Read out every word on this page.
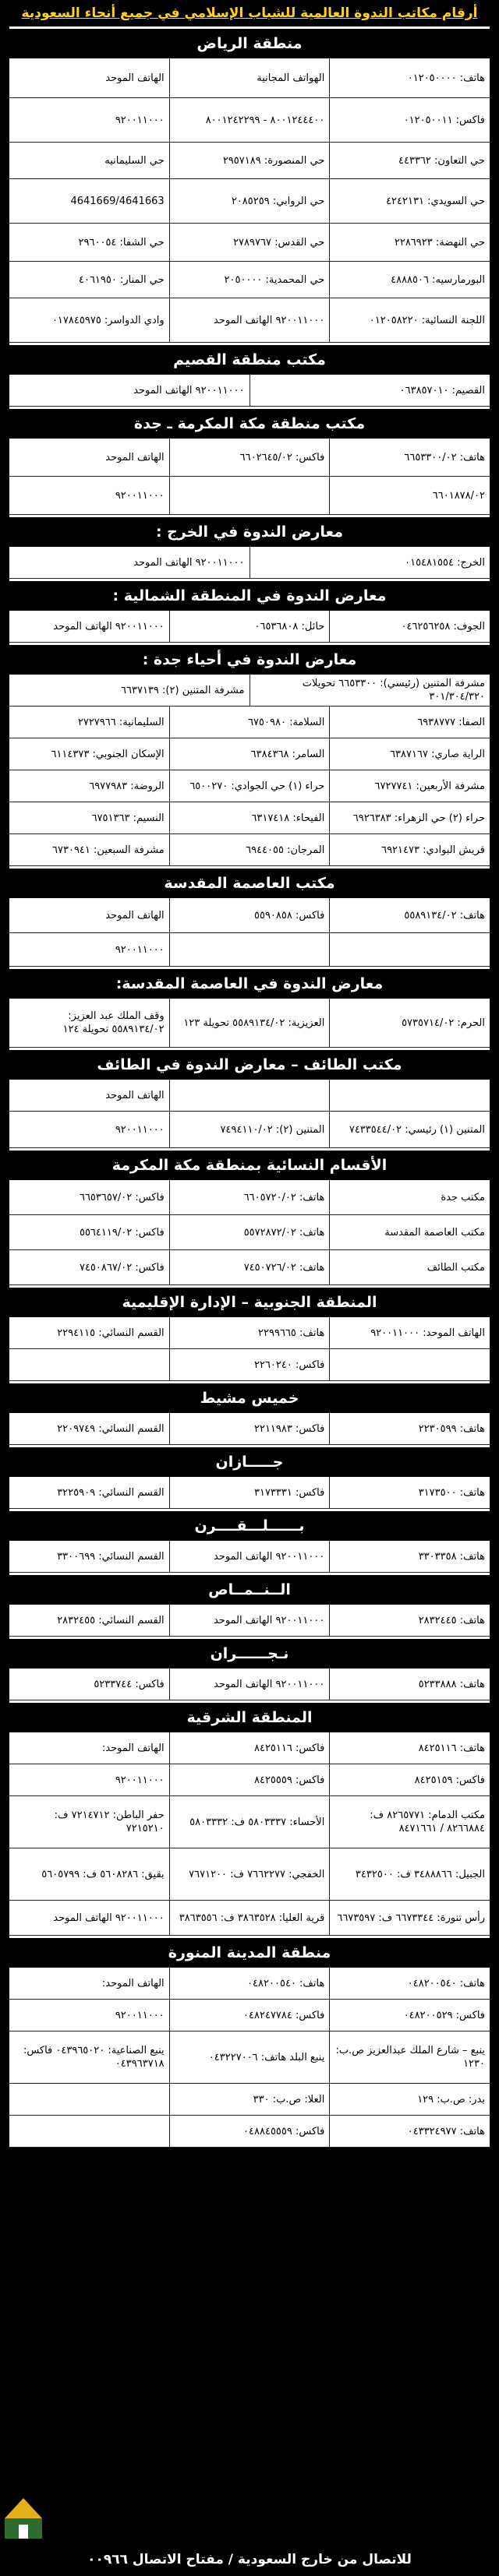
أرقام مكاتب الندوة العالمية للشباب الإسلامي في جميع أنحاء السعودية
منطقة الرياض
هاتف: ٠١٢٠٥٠٠٠٠
الهواتف المجانية
الهاتف الموحد
فاكس: ٠١٢٠٥٠٠١١
٨٠٠١٢٤٤٤٠٠ - ٨٠٠١٢٤٢٢٩٩
٩٢٠٠١١٠٠٠
حي التعاون: ٤٤٣٣٦٢
حي المنصورة: ٢٩٥٧١٨٩
حي السليمانيه
حي السويدي: ٤٢٤٢١٣١
حي الروابي: ٢٠٨٥٢٥٩
4641669/4641663
حي النهضة: ٢٢٨٦٩٢٣
حي القدس: ٢٧٨٩٧٦٧
حي الشفا: ٢٩٦٠٠٥٤
البورمارسيه: ٤٨٨٨٥٠٦
حي المحمدية: ٢٠٥٠٠٠٠
حي المنار: ٤٠٦١٩٥٠
اللجنة النسائية: ٠١٢٠٥٨٢٢٠
٩٢٠٠١١٠٠٠ الهاتف الموحد
وادي الدواسر: ٠١٧٨٤٥٩٧٥
مكتب منطقة القصيم
القصيم: ٠٦٣٨٥٧٠١٠
٩٢٠٠١١٠٠٠ الهاتف الموحد
مكتب منطقة مكة المكرمة ـ جدة
هاتف: ٦٦٥٣٣٠٠/٠٢
فاكس: ٦٦٠٢٦٤٥/٠٢
الهاتف الموحد
٦٦٠١٨٧٨/٠٢
٩٢٠٠١١٠٠٠
معارض الندوة في الخرج :
الخرج: ٠١٥٤٨١٥٥٤
٩٢٠٠١١٠٠٠ الهاتف الموحد
معارض الندوة في المنطقة الشمالية :
الجوف: ٠٤٦٢٥٦٢٥٨
حائل: ٠٦٥٣٦٨٠٨
٩٢٠٠١١٠٠٠ الهاتف الموحد
معارض الندوة في أحياء جدة :
مشرفة المتنين (رئيسي): ٦٦٥٣٣٠٠ تحويلات ٣٠١/٣٠٤/٣٢٠
مشرفة المتنين (٢): ٦٦٣٧١٣٩
الصفا: ٦٩٣٨٧٧٧
السلامة: ٦٧٥٠٩٨٠
السليمانية: ٢٧٢٧٩٦٦
الراية صاري: ٦٣٨٧١٦٧
السامر: ٦٣٨٤٣٦٨
الإسكان الجنوبي: ٦١١٤٣٧٣
مشرفة الأربعين: ٦٧٢٧٧٤١
حراء (١) حي الجوادي: ٦٥٠٠٢٧٠
الروضة: ٦٩٧٧٩٨٣
حراء (٢) حي الزهراء: ٦٩٢٦٣٨٣
الفيحاء: ٦٣١٧٤١٨
النسيم: ٦٧٥١٣٦٣
قريش البوادي: ٦٩٢١٤٧٣
المرجان: ٦٩٤٤٠٥٥
مشرفة السبعين: ٦٧٣٠٩٤١
مكتب العاصمة المقدسة
هاتف: ٥٥٨٩١٣٤/٠٢
فاكس: ٥٥٩٠٨٥٨
الهاتف الموحد
٩٢٠٠١١٠٠٠
معارض الندوة في العاصمة المقدسة:
الحرم: ٥٧٣٥٧١٤/٠٢
العزيزية: ٥٥٨٩١٣٤/٠٢ تحويلة ١٢٣
وقف الملك عبد العزيز: ٥٥٨٩١٣٤/٠٢ تحويلة ١٢٤
مكتب الطائف – معارض الندوة في الطائف
الهاتف الموحد
المتنين (١) رئيسي: ٧٤٣٣٥٤٤/٠٢
المتنين (٢): ٧٤٩٤١١٠/٠٢
٩٢٠٠١١٠٠٠
الأقسام النسائية بمنطقة مكة المكرمة
مكتب جدة
هاتف: ٦٦٠٥٧٢٠/٠٢
فاكس: ٦٦٥٣٦٥٧/٠٢
مكتب العاصمة المقدسة
هاتف: ٥٥٧٢٨٧٢/٠٢
فاكس: ٥٥٦٤١١٩/٠٢
مكتب الطائف
هاتف: ٧٤٥٠٧٢٦/٠٢
فاكس: ٧٤٥٠٨٦٧/٠٢
المنطقة الجنوبية – الإدارة الإقليمية
الهاتف الموحد: ٩٢٠٠١١٠٠٠
هاتف: ٢٢٩٩٦٦٥
القسم النسائي: ٢٢٩٤١١٥
فاكس: ٢٢٦٠٢٤٠
خميس مشيط
هاتف: ٢٢٣٠٥٩٩
فاكس: ٢٢١١٩٨٣
القسم النسائي: ٢٢٠٩٧٤٩
جـــــازان
هاتف: ٣١٧٣٥٠٠
فاكس: ٣١٧٣٣٣١
القسم النسائي: ٣٢٢٥٩٠٩
بــــــلـــقــــرن
هاتف: ٣٣٠٣٣٥٨
٩٢٠٠١١٠٠٠ الهاتف الموحد
القسم النسائي: ٣٣٠٠٦٩٩
الــنــمــاص
هاتف: ٢٨٣٢٤٤٥
٩٢٠٠١١٠٠٠ الهاتف الموحد
القسم النسائي: ٢٨٣٢٤٥٥
نـجــــــران
هاتف: ٥٢٣٣٨٨٨
٩٢٠٠١١٠٠٠ الهاتف الموحد
فاكس: ٥٢٣٣٧٤٤
المنطقة الشرقية
هاتف: ٨٤٢٥١١٦
فاكس: ٨٤٢٥١١٦
الهاتف الموحد:
فاكس: ٨٤٢٥١٥٩
فاكس: ٨٤٢٥٥٥٩
٩٢٠٠١١٠٠٠
مكتب الدمام: ٨٢٦٥٧٧١ ف: ٨٢٦٦٨٨٤ / ٨٤٧١٦٦١
الأحساء: ٥٨٠٣٣٣٧ ف: ٥٨٠٣٣٣٢
حفر الباطن: ٧٢١٤٧١٢ ف: ٧٢١٥٢١٠
الجبيل: ٣٤٨٨٨٦٦ ف: ٣٤٣٢٥٠٠
الخفجي: ٧٦٦٢٢٧٧ ف: ٧٦٧١٢٠٠
بقيق: ٥٦٠٨٢٨٦ ف: ٥٦٠٥٧٩٩
رأس تنورة: ٦٦٧٣٣٤٤ ف: ٦٦٧٣٥٩٧
قرية العليا: ٣٨٦٣٥٢٨ ف: ٣٨٦٣٥٥٦
٩٢٠٠١١٠٠٠ الهاتف الموحد
منطقة المدينة المنورة
هاتف: ٠٤٨٢٠٠٥٤٠
هاتف: ٠٤٨٢٠٠٥٤٠
الهاتف الموحد:
فاكس: ٠٤٨٢٠٠٥٢٩
فاكس: ٠٤٨٢٤٧٧٨٤
٩٢٠٠١١٠٠٠
ينبع – شارع الملك عبدالعزيز ص.ب: ١٢٣٠
ينبع البلد هاتف: ٠٤٣٢٢٧٠٠٦
ينبع الصناعية: ٠٤٣٩٦٥٠٢٠ فاكس: ٠٤٣٩٦٣٧١٨
بدر: ص.ب: ١٢٩
العلا: ص.ب: ٣٣٠
هاتف: ٠٤٣٣٢٤٩٧٧
فاكس: ٠٤٨٨٤٥٥٥٩
للاتصال من خارج السعودية / مفتاح الاتصال ٠٠٩٦٦
